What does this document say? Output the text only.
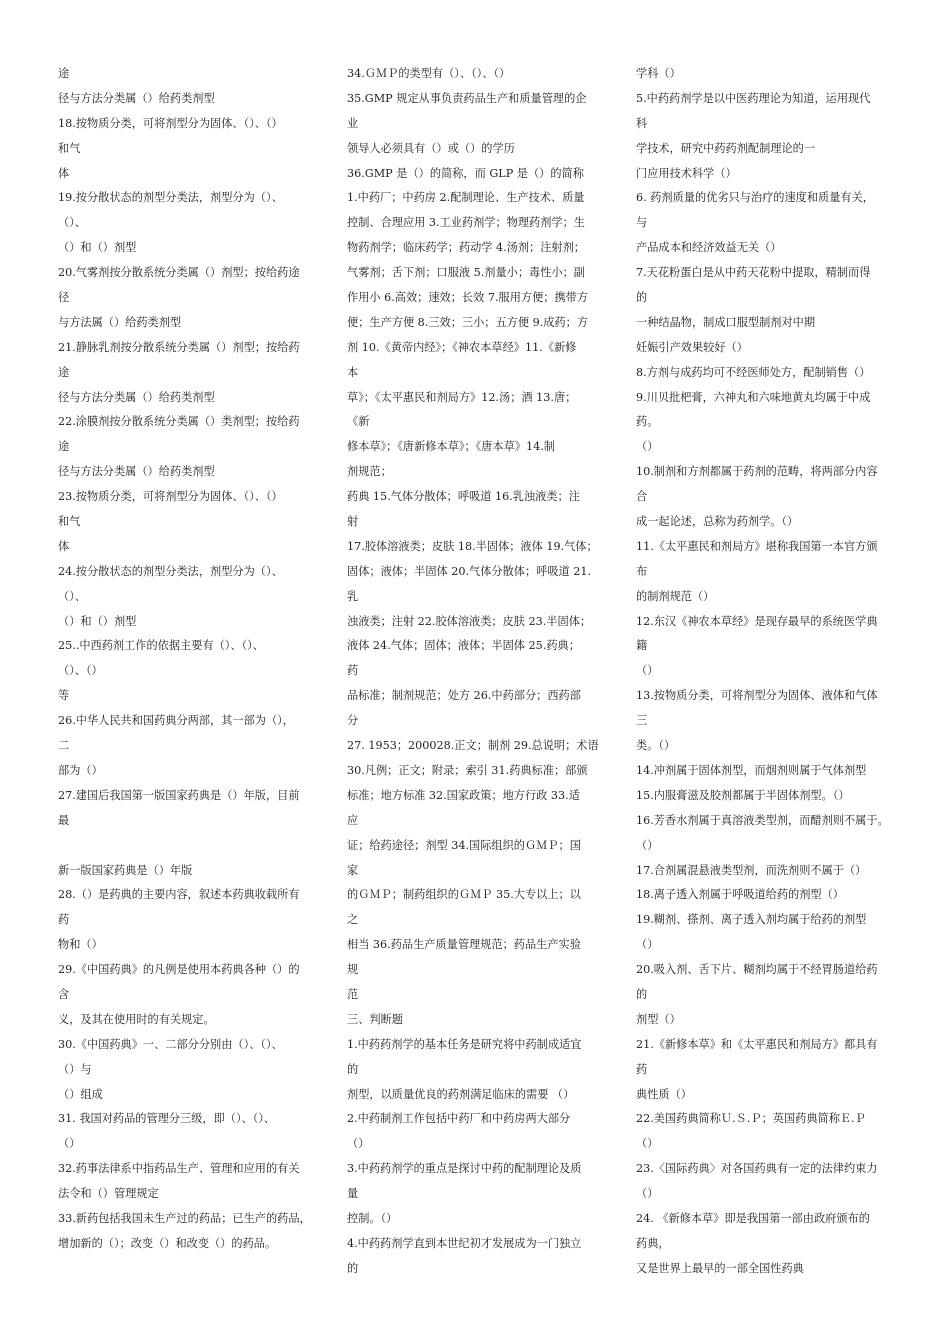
途
径与方法分类属（）给药类剂型
18.按物质分类，可将剂型分为固体、（）、（）
和气
体
19.按分散状态的剂型分类法，剂型分为（）、
（）、
（）和（）剂型
20.气雾剂按分散系统分类属（）剂型；按给药途
径
与方法属（）给药类剂型
21.静脉乳剂按分散系统分类属（）剂型；按给药
途
径与方法分类属（）给药类剂型
22.涂膜剂按分散系统分类属（）类剂型；按给药
途
径与方法分类属（）给药类剂型
23.按物质分类，可将剂型分为固体、（）、（）
和气
体
24.按分散状态的剂型分类法，剂型分为（）、
（）、
（）和（）剂型
25..中西药剂工作的依据主要有（）、（）、
（）、（）
等
26.中华人民共和国药典分两部，其一部为（），
二
部为（）
27.建国后我国第一版国家药典是（）年版，目前
最
新一版国家药典是（）年版
28.（）是药典的主要内容，叙述本药典收载所有
药
物和（）
29.《中国药典》的凡例是使用本药典各种（）的
含
义，及其在使用时的有关规定。
30.《中国药典》一、二部分分别由（）、（）、
（）与
（）组成
31. 我国对药品的管理分三级，即（）、（）、
（）
32.药事法律系中指药品生产、管理和应用的有关
法令和（）管理规定
33.新药包括我国未生产过的药品；已生产的药品，
增加新的（）；改变（）和改变（）的药品。
34.ＧＭＰ的类型有（）、（）、（）
35.GMP 规定从事负责药品生产和质量管理的企
业
领导人必须具有（）或（）的学历
36.GMP 是（）的简称，而 GLP 是（）的简称
1.中药厂；中药房 2.配制理论、生产技术、质量
控制、合理应用 3.工业药剂学；物理药剂学；生
物药剂学；临床药学；药动学 4.汤剂；注射剂；
气雾剂；舌下剂；口服液 5.剂量小；毒性小；副
作用小 6.高效；速效；长效 7.服用方便；携带方
便；生产方便 8.三效；三小；五方便 9.成药；方
剂 10.《黄帝内经》；《神农本草经》11.《新修
本
草》；《太平惠民和剂局方》12.汤；酒 13.唐；
《新
修本草》；《唐新修本草》；《唐本草》14.制
剂规范；
药典 15.气体分散体；呼吸道 16.乳浊液类；注
射
17.胶体溶液类；皮肤 18.半固体；液体 19.气体；
固体；液体；半固体 20.气体分散体；呼吸道 21.
乳
浊液类；注射 22.胶体溶液类；皮肤 23.半固体；
液体 24.气体；固体；液体；半固体 25.药典；
药
品标准；制剂规范；处方 26.中药部分；西药部
分
27. 1953；200028.正文；制剂 29.总说明；术语
30.凡例；正文；附录；索引 31.药典标准；部颁
标准；地方标准 32.国家政策；地方行政 33.适
应
证；给药途径；剂型 34.国际组织的ＧＭＰ；国
家
的ＧＭＰ；制药组织的ＧＭＰ 35.大专以上；以
之
相当 36.药品生产质量管理规范；药品生产实验
规
范
三、判断题
1.中药药剂学的基本任务是研究将中药制成适宜
的
剂型，以质量优良的药剂满足临床的需要 （）
2.中药制剂工作包括中药厂和中药房两大部分
（）
3.中药药剂学的重点是探讨中药的配制理论及质
量
控制。（）
4.中药药剂学直到本世纪初才发展成为一门独立
的
学科（）
5.中药药剂学是以中医药理论为知道，运用现代
科
学技术，研究中药药剂配制理论的一
门应用技术科学（）
6. 药剂质量的优劣只与治疗的速度和质量有关，
与
产品成本和经济效益无关（）
7.天花粉蛋白是从中药天花粉中提取，精制而得
的
一种结晶物，制成口服型制剂对中期
妊娠引产效果较好（）
8.方剂与成药均可不经医师处方，配制销售（）
9.川贝批杷膏，六神丸和六味地黄丸均属于中成
药。
（）
10.制剂和方剂都属于药剂的范畴，将两部分内容
合
成一起论述，总称为药剂学。（）
11.《太平惠民和剂局方》堪称我国第一本官方颁
布
的制剂规范（）
12.东汉《神农本草经》是现存最早的系统医学典
籍
（）
13.按物质分类，可将剂型分为固体、液体和气体
三
类。（）
14.冲剂属于固体剂型，而烟剂则属于气体剂型
15.内服膏滋及胶剂都属于半固体剂型。（）
16.芳香水剂属于真溶液类型剂，而醋剂则不属于。
（）
17.合剂属混悬液类型剂，而洗剂则不属于（）
18.离子透入剂属于呼吸道给药的剂型（）
19.糊剂、搽剂、离子透入剂均属于给药的剂型
（）
20.吸入剂、舌下片、糊剂均属于不经胃肠道给药
的
剂型（）
21.《新修本草》和《太平惠民和剂局方》都具有
药
典性质（）
22.美国药典简称Ｕ.Ｓ.Ｐ；英国药典简称Ｅ.Ｐ
（）
23.〈国际药典〉对各国药典有一定的法律约束力
（）
24. 《新修本草》即是我国第一部由政府颁布的
药典，
又是世界上最早的一部全国性药典
